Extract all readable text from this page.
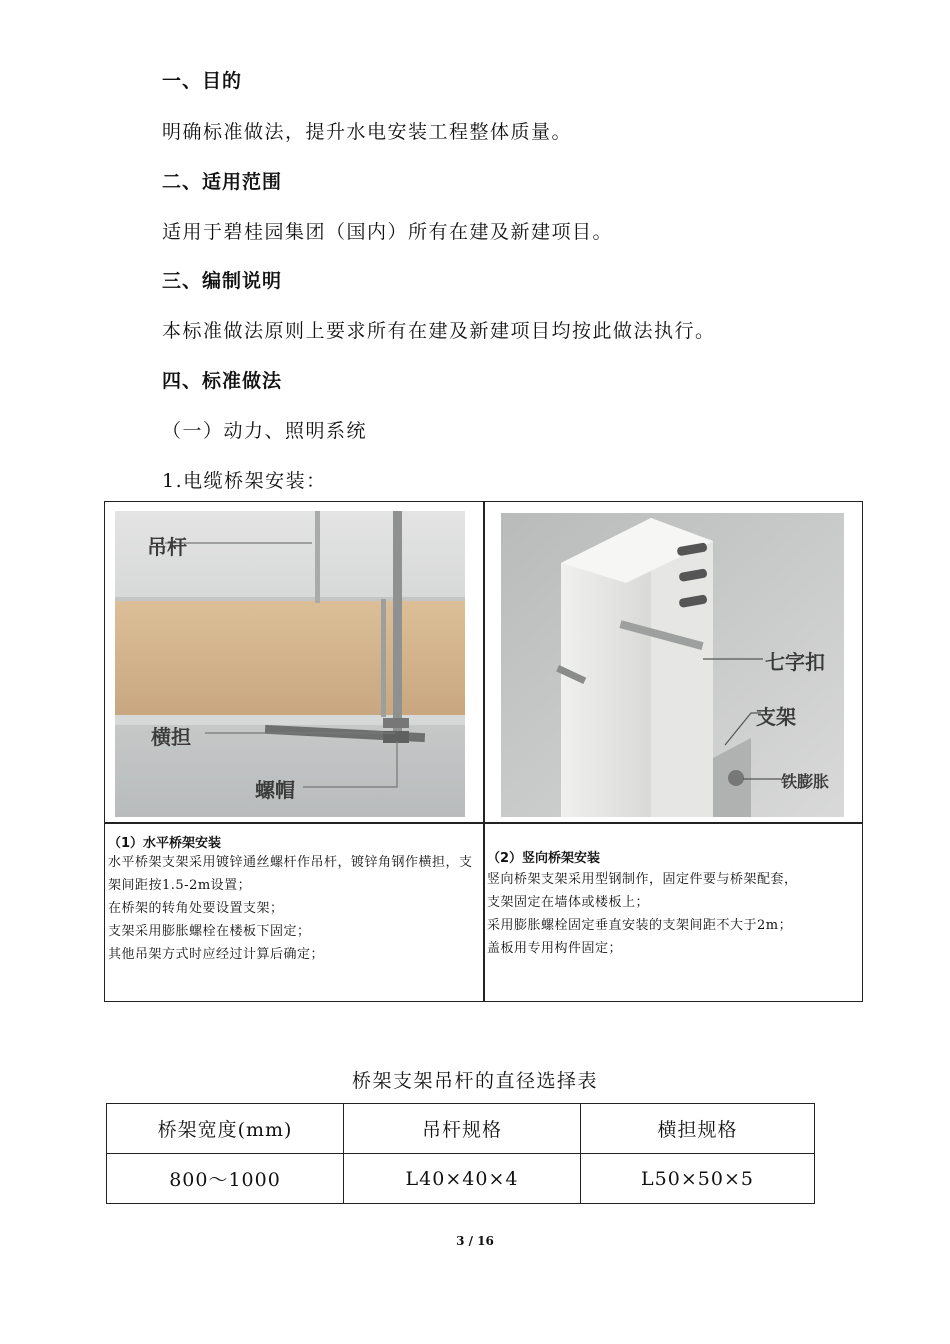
一、目的
明确标准做法，提升水电安装工程整体质量。
二、适用范围
适用于碧桂园集团（国内）所有在建及新建项目。
三、编制说明
本标准做法原则上要求所有在建及新建项目均按此做法执行。
四、标准做法
（一）动力、照明系统
1.电缆桥架安装：
吊杆
横担
螺帽
七字扣
支架
铁膨胀
（1）水平桥架安装
水平桥架支架采用镀锌通丝螺杆作吊杆，镀锌角钢作横担，支架间距按1.5-2m设置；
在桥架的转角处要设置支架；
支架采用膨胀螺栓在楼板下固定；
其他吊架方式时应经过计算后确定；
（2）竖向桥架安装
竖向桥架支架采用型钢制作，固定件要与桥架配套，
支架固定在墙体或楼板上；
采用膨胀螺栓固定垂直安装的支架间距不大于2m；
盖板用专用构件固定；
桥架支架吊杆的直径选择表
桥架宽度(mm)	吊杆规格	横担规格
800～1000	L40×40×4	L50×50×5
3 / 16
